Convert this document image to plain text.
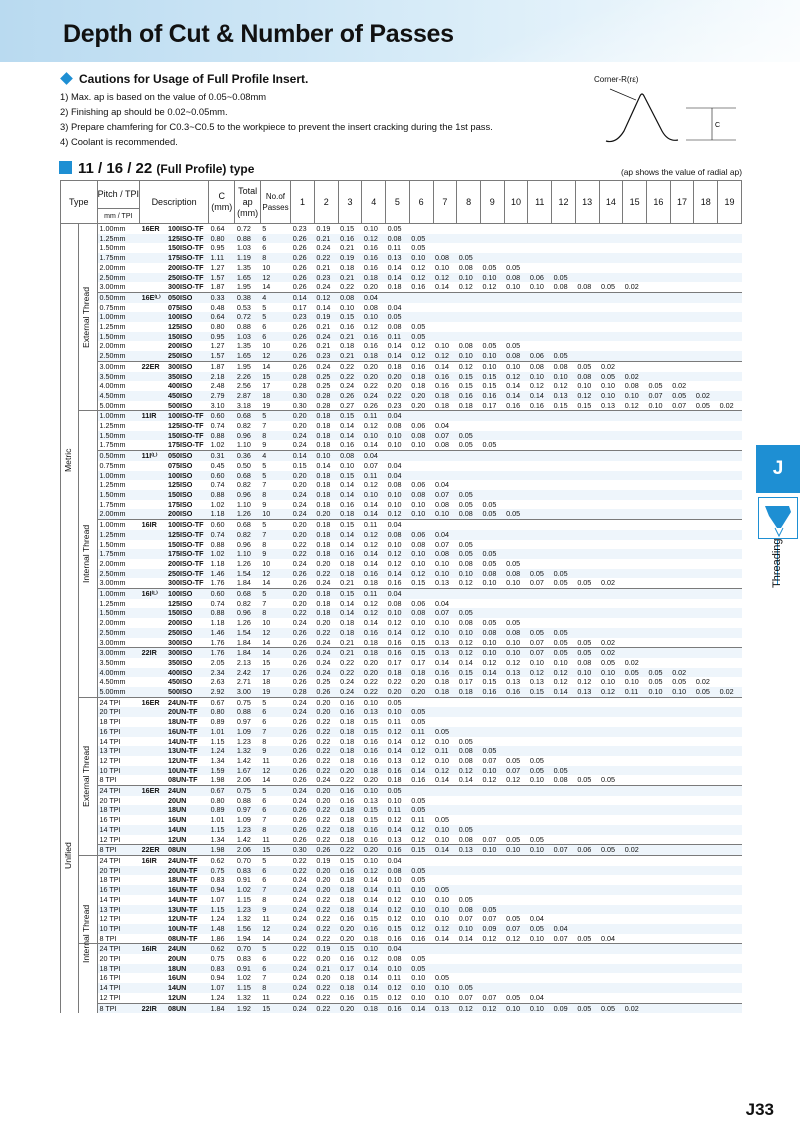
Depth of Cut & Number of Passes
Cautions for Usage of Full Profile Insert.
1) Max. ap is based on the value of 0.05~0.08mm
2) Finishing ap should be 0.02~0.05mm.
3) Prepare chamfering for C0.3~C0.5 to the workpiece to prevent the insert cracking during the 1st pass.
4) Coolant is recommended.
Corner-R(rε)
C
11 / 16 / 22 (Full Profile) type	(ap shows the value of radial ap)
Type		Pitch / TPI	Description		C (mm)	Total ap (mm)	No.of Passes	1	2	3	4	5	6	7	8	9	10	11	12	13	14	15	16	17	18	19
		mm / TPI																								
		1.00mm	16ER	100ISO-TF	0.64	0.72	5	0.23	0.19	0.15	0.10	0.05														
		1.25mm		125ISO-TF	0.80	0.88	6	0.26	0.21	0.16	0.12	0.08	0.05													
		1.50mm		150ISO-TF	0.95	1.03	6	0.26	0.24	0.21	0.16	0.11	0.05													
		1.75mm		175ISO-TF	1.11	1.19	8	0.26	0.22	0.19	0.16	0.13	0.10	0.08	0.05											
		2.00mm		200ISO-TF	1.27	1.35	10	0.26	0.21	0.18	0.16	0.14	0.12	0.10	0.08	0.05	0.05									
		2.50mm		250ISO-TF	1.57	1.65	12	0.26	0.23	0.21	0.18	0.14	0.12	0.12	0.10	0.10	0.08	0.06	0.05							
		3.00mm		300ISO-TF	1.87	1.95	14	0.26	0.24	0.22	0.20	0.18	0.16	0.14	0.12	0.12	0.10	0.10	0.08	0.08	0.05	0.02				
		0.50mm	16E⁽ᴸ⁾	050ISO	0.33	0.38	4	0.14	0.12	0.08	0.04															
		0.75mm		075ISO	0.48	0.53	5	0.17	0.14	0.10	0.08	0.04														
		1.00mm		100ISO	0.64	0.72	5	0.23	0.19	0.15	0.10	0.05														
		1.25mm		125ISO	0.80	0.88	6	0.26	0.21	0.16	0.12	0.08	0.05													
		1.50mm		150ISO	0.95	1.03	6	0.26	0.24	0.21	0.16	0.11	0.05													
		2.00mm		200ISO	1.27	1.35	10	0.26	0.21	0.18	0.16	0.14	0.12	0.10	0.08	0.05	0.05									
		2.50mm		250ISO	1.57	1.65	12	0.26	0.23	0.21	0.18	0.14	0.12	0.12	0.10	0.10	0.08	0.06	0.05							
		3.00mm	22ER	300ISO	1.87	1.95	14	0.26	0.24	0.22	0.20	0.18	0.16	0.14	0.12	0.10	0.10	0.08	0.08	0.05	0.02					
		3.50mm		350ISO	2.18	2.26	15	0.28	0.25	0.22	0.20	0.20	0.18	0.16	0.15	0.15	0.12	0.10	0.10	0.08	0.05	0.02				
		4.00mm		400ISO	2.48	2.56	17	0.28	0.25	0.24	0.22	0.20	0.18	0.16	0.15	0.15	0.14	0.12	0.12	0.10	0.10	0.08	0.05	0.02		
		4.50mm		450ISO	2.79	2.87	18	0.30	0.28	0.26	0.24	0.22	0.20	0.18	0.16	0.16	0.14	0.14	0.13	0.12	0.10	0.10	0.07	0.05	0.02	
		5.00mm		500ISO	3.10	3.18	19	0.30	0.28	0.27	0.26	0.23	0.20	0.18	0.18	0.17	0.16	0.16	0.15	0.15	0.13	0.12	0.10	0.07	0.05	0.02
		1.00mm	11IR	100ISO-TF	0.60	0.68	5	0.20	0.18	0.15	0.11	0.04														
		1.25mm		125ISO-TF	0.74	0.82	7	0.20	0.18	0.14	0.12	0.08	0.06	0.04												
		1.50mm		150ISO-TF	0.88	0.96	8	0.24	0.18	0.14	0.10	0.10	0.08	0.07	0.05											
		1.75mm		175ISO-TF	1.02	1.10	9	0.24	0.18	0.16	0.14	0.10	0.10	0.08	0.05	0.05										
		0.50mm	11I⁽ᴸ⁾	050ISO	0.31	0.36	4	0.14	0.10	0.08	0.04															
		0.75mm		075ISO	0.45	0.50	5	0.15	0.14	0.10	0.07	0.04														
		1.00mm		100ISO	0.60	0.68	5	0.20	0.18	0.15	0.11	0.04														
		1.25mm		125ISO	0.74	0.82	7	0.20	0.18	0.14	0.12	0.08	0.06	0.04												
		1.50mm		150ISO	0.88	0.96	8	0.24	0.18	0.14	0.10	0.10	0.08	0.07	0.05											
		1.75mm		175ISO	1.02	1.10	9	0.24	0.18	0.16	0.14	0.10	0.10	0.08	0.05	0.05										
		2.00mm		200ISO	1.18	1.26	10	0.24	0.20	0.18	0.14	0.12	0.10	0.10	0.08	0.05	0.05									
		1.00mm	16IR	100ISO-TF	0.60	0.68	5	0.20	0.18	0.15	0.11	0.04														
		1.25mm		125ISO-TF	0.74	0.82	7	0.20	0.18	0.14	0.12	0.08	0.06	0.04												
		1.50mm		150ISO-TF	0.88	0.96	8	0.22	0.18	0.14	0.12	0.10	0.08	0.07	0.05											
		1.75mm		175ISO-TF	1.02	1.10	9	0.22	0.18	0.16	0.14	0.12	0.10	0.08	0.05	0.05										
		2.00mm		200ISO-TF	1.18	1.26	10	0.24	0.20	0.18	0.14	0.12	0.10	0.10	0.08	0.05	0.05									
		2.50mm		250ISO-TF	1.46	1.54	12	0.26	0.22	0.18	0.16	0.14	0.12	0.10	0.10	0.08	0.08	0.05	0.05							
		3.00mm		300ISO-TF	1.76	1.84	14	0.26	0.24	0.21	0.18	0.16	0.15	0.13	0.12	0.10	0.10	0.07	0.05	0.05	0.02					
		1.00mm	16I⁽ᴸ⁾	100ISO	0.60	0.68	5	0.20	0.18	0.15	0.11	0.04														
		1.25mm		125ISO	0.74	0.82	7	0.20	0.18	0.14	0.12	0.08	0.06	0.04												
		1.50mm		150ISO	0.88	0.96	8	0.22	0.18	0.14	0.12	0.10	0.08	0.07	0.05											
		2.00mm		200ISO	1.18	1.26	10	0.24	0.20	0.18	0.14	0.12	0.10	0.10	0.08	0.05	0.05									
		2.50mm		250ISO	1.46	1.54	12	0.26	0.22	0.18	0.16	0.14	0.12	0.10	0.10	0.08	0.08	0.05	0.05							
		3.00mm		300ISO	1.76	1.84	14	0.26	0.24	0.21	0.18	0.16	0.15	0.13	0.12	0.10	0.10	0.07	0.05	0.05	0.02					
		3.00mm	22IR	300ISO	1.76	1.84	14	0.26	0.24	0.21	0.18	0.16	0.15	0.13	0.12	0.10	0.10	0.07	0.05	0.05	0.02					
		3.50mm		350ISO	2.05	2.13	15	0.26	0.24	0.22	0.20	0.17	0.17	0.14	0.14	0.12	0.12	0.10	0.10	0.08	0.05	0.02				
		4.00mm		400ISO	2.34	2.42	17	0.26	0.24	0.22	0.20	0.18	0.18	0.16	0.15	0.14	0.13	0.12	0.12	0.10	0.10	0.05	0.05	0.02		
		4.50mm		450ISO	2.63	2.71	18	0.26	0.25	0.24	0.22	0.22	0.20	0.18	0.17	0.15	0.13	0.13	0.12	0.12	0.10	0.10	0.05	0.05	0.02	
		5.00mm		500ISO	2.92	3.00	19	0.28	0.26	0.24	0.22	0.20	0.20	0.18	0.18	0.16	0.16	0.15	0.14	0.13	0.12	0.11	0.10	0.10	0.05	0.02
		24 TPI	16ER	24UN-TF	0.67	0.75	5	0.24	0.20	0.16	0.10	0.05														
		20 TPI		20UN-TF	0.80	0.88	6	0.24	0.20	0.16	0.13	0.10	0.05													
		18 TPI		18UN-TF	0.89	0.97	6	0.26	0.22	0.18	0.15	0.11	0.05													
		16 TPI		16UN-TF	1.01	1.09	7	0.26	0.22	0.18	0.15	0.12	0.11	0.05												
		14 TPI		14UN-TF	1.15	1.23	8	0.26	0.22	0.18	0.16	0.14	0.12	0.10	0.05											
		13 TPI		13UN-TF	1.24	1.32	9	0.26	0.22	0.18	0.16	0.14	0.12	0.11	0.08	0.05										
		12 TPI		12UN-TF	1.34	1.42	11	0.26	0.22	0.18	0.16	0.13	0.12	0.10	0.08	0.07	0.05	0.05								
		10 TPI		10UN-TF	1.59	1.67	12	0.26	0.22	0.20	0.18	0.16	0.14	0.12	0.12	0.10	0.07	0.05	0.05							
		8 TPI		08UN-TF	1.98	2.06	14	0.26	0.24	0.22	0.20	0.18	0.16	0.14	0.14	0.12	0.12	0.10	0.08	0.05	0.05					
		24 TPI	16ER	24UN	0.67	0.75	5	0.24	0.20	0.16	0.10	0.05														
		20 TPI		20UN	0.80	0.88	6	0.24	0.20	0.16	0.13	0.10	0.05													
		18 TPI		18UN	0.89	0.97	6	0.26	0.22	0.18	0.15	0.11	0.05													
		16 TPI		16UN	1.01	1.09	7	0.26	0.22	0.18	0.15	0.12	0.11	0.05												
		14 TPI		14UN	1.15	1.23	8	0.26	0.22	0.18	0.16	0.14	0.12	0.10	0.05											
		12 TPI		12UN	1.34	1.42	11	0.26	0.22	0.18	0.16	0.13	0.12	0.10	0.08	0.07	0.05	0.05								
		8 TPI	22ER	08UN	1.98	2.06	15	0.30	0.26	0.22	0.20	0.16	0.15	0.14	0.13	0.10	0.10	0.10	0.07	0.06	0.05	0.02				
		24 TPI	16IR	24UN-TF	0.62	0.70	5	0.22	0.19	0.15	0.10	0.04														
		20 TPI		20UN-TF	0.75	0.83	6	0.22	0.20	0.16	0.12	0.08	0.05													
		18 TPI		18UN-TF	0.83	0.91	6	0.24	0.20	0.18	0.14	0.10	0.05													
		16 TPI		16UN-TF	0.94	1.02	7	0.24	0.20	0.18	0.14	0.11	0.10	0.05												
		14 TPI		14UN-TF	1.07	1.15	8	0.24	0.22	0.18	0.14	0.12	0.10	0.10	0.05											
		13 TPI		13UN-TF	1.15	1.23	9	0.24	0.22	0.18	0.14	0.12	0.10	0.10	0.08	0.05										
		12 TPI		12UN-TF	1.24	1.32	11	0.24	0.22	0.16	0.15	0.12	0.10	0.10	0.07	0.07	0.05	0.04								
		10 TPI		10UN-TF	1.48	1.56	12	0.24	0.22	0.20	0.16	0.15	0.12	0.12	0.10	0.09	0.07	0.05	0.04							
		8 TPI		08UN-TF	1.86	1.94	14	0.24	0.22	0.20	0.18	0.16	0.16	0.14	0.14	0.12	0.12	0.10	0.07	0.05	0.04					
		24 TPI	16IR	24UN	0.62	0.70	5	0.22	0.19	0.15	0.10	0.04														
		20 TPI		20UN	0.75	0.83	6	0.22	0.20	0.16	0.12	0.08	0.05													
		18 TPI		18UN	0.83	0.91	6	0.24	0.21	0.17	0.14	0.10	0.05													
		16 TPI		16UN	0.94	1.02	7	0.24	0.20	0.18	0.14	0.11	0.10	0.05												
		14 TPI		14UN	1.07	1.15	8	0.24	0.22	0.18	0.14	0.12	0.10	0.10	0.05											
		12 TPI		12UN	1.24	1.32	11	0.24	0.22	0.16	0.15	0.12	0.10	0.10	0.07	0.07	0.05	0.04								
		8 TPI	22IR	08UN	1.84	1.92	15	0.24	0.22	0.20	0.18	0.16	0.14	0.13	0.12	0.12	0.10	0.10	0.09	0.05	0.05	0.02				
Metric
Unified
External Thread
Internal Thread
External Thread
Internal Thread
J
Threading
J33
